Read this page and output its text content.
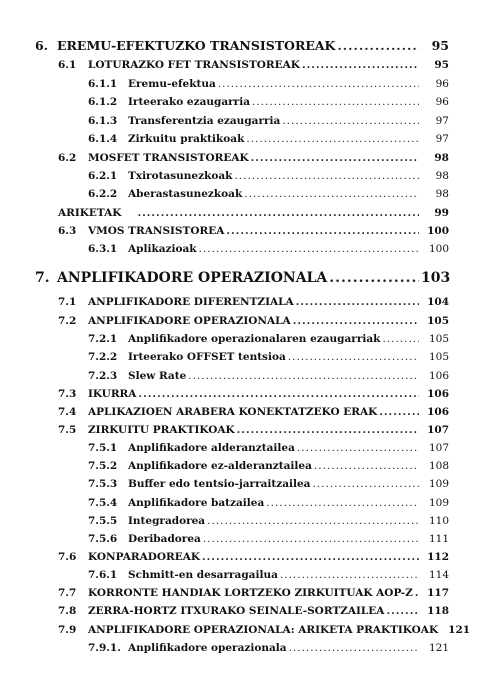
6. EREMU-EFEKTUZKO TRANSISTOREAK .....	95
6.1	LOTURAZKO FET TRANSISTOREAK .....	95
6.1.1	Eremu-efektua .....	96
6.1.2	Irteerako ezaugarria .....	96
6.1.3	Transferentzia ezaugarria .....	97
6.1.4	Zirkuitu praktikoak .....	97
6.2	MOSFET TRANSISTOREAK .....	98
6.2.1	Txirotasunezkoak .....	98
6.2.2	Aberastasunezkoak .....	98
ARIKETAK .....	99
6.3	VMOS TRANSISTOREA .....	100
6.3.1	Aplikazioak .....	100
7. ANPLIFIKADORE OPERAZIONALA .....	103
7.1	ANPLIFIKADORE DIFERENTZIALA .....	104
7.2	ANPLIFIKADORE OPERAZIONALA .....	105
7.2.1	Anplifikadore operazionalaren ezaugarriak .....	105
7.2.2	Irteerako OFFSET tentsioa .....	105
7.2.3	Slew Rate .....	106
7.3	IKURRA .....	106
7.4	APLIKAZIOEN ARABERA KONEKTATZEKO ERAK .....	106
7.5	ZIRKUITU PRAKTIKOAK .....	107
7.5.1	Anplifikadore alderanztailea .....	107
7.5.2	Anplifikadore ez-alderanztailea .....	108
7.5.3	Buffer edo tentsio-jarraitzailea .....	109
7.5.4	Anplifikadore batzailea .....	109
7.5.5	Integradorea .....	110
7.5.6	Deribadorea .....	111
7.6	KONPARADOREAK .....	112
7.6.1	Schmitt-en desarragailua .....	114
7.7	KORRONTE HANDIAK LORTZEKO ZIRKUITUAK AOP-Z .....	117
7.8	ZERRA-HORTZ ITXURAKO SEINALE-SORTZAILEA .....	118
7.9	ANPLIFIKADORE OPERAZIONALA: ARIKETA PRAKTIKOAK 121
7.9.1. Anplifikadore operazionala .....	121
